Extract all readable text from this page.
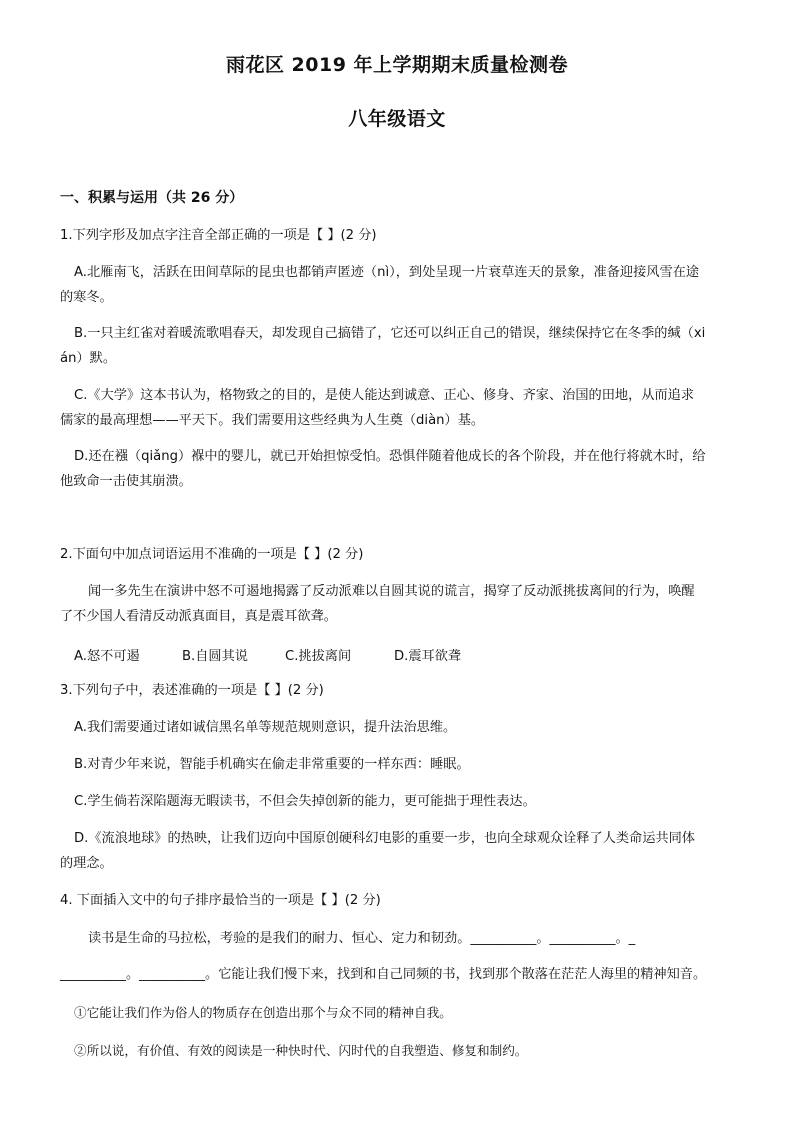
雨花区 2019 年上学期期末质量检测卷
八年级语文
一、积累与运用（共 26 分）
1.下列字形及加点字注音全部正确的一项是【 】(2 分)
A.北雁南飞，活跃在田间草际的昆虫也都销声匿迹（nì），到处呈现一片衰草连天的景象，准备迎接风雪在途
的寒冬。
B.一只主红雀对着暖流歌唱春天，却发现自己搞错了，它还可以纠正自己的错误，继续保持它在冬季的缄（xi
án）默。
C.《大学》这本书认为，格物致之的目的，是使人能达到诚意、正心、修身、齐家、治国的田地，从而追求
儒家的最高理想——平天下。我们需要用这些经典为人生奠（diàn）基。
D.还在襁（qiǎng）褓中的婴儿，就已开始担惊受怕。恐惧伴随着他成长的各个阶段，并在他行将就木时，给
他致命一击使其崩溃。
2.下面句中加点词语运用不准确的一项是【 】(2 分)
闻一多先生在演讲中怒不可遏地揭露了反动派难以自圆其说的谎言，揭穿了反动派挑拔离间的行为，唤醒
了不少国人看清反动派真面目，真是震耳欲聋。
A.怒不可遏	B.自圆其说	C.挑拔离间	D.震耳欲聋
3.下列句子中，表述准确的一项是【 】(2 分)
A.我们需要通过诸如诚信黑名单等规范规则意识，提升法治思维。
B.对青少年来说，智能手机确实在偷走非常重要的一样东西：睡眠。
C.学生倘若深陷题海无暇读书，不但会失掉创新的能力，更可能拙于理性表达。
D.《流浪地球》的热映，让我们迈向中国原创硬科幻电影的重要一步，也向全球观众诠释了人类命运共同体
的理念。
4. 下面插入文中的句子排序最恰当的一项是【 】(2 分)
读书是生命的马拉松，考验的是我们的耐力、恒心、定力和韧劲。__________。__________。_
__________。__________。它能让我们慢下来，找到和自己同频的书，找到那个散落在茫茫人海里的精神知音。
①它能让我们作为俗人的物质存在创造出那个与众不同的精神自我。
②所以说，有价值、有效的阅读是一种快时代、闪时代的自我塑造、修复和制约。
